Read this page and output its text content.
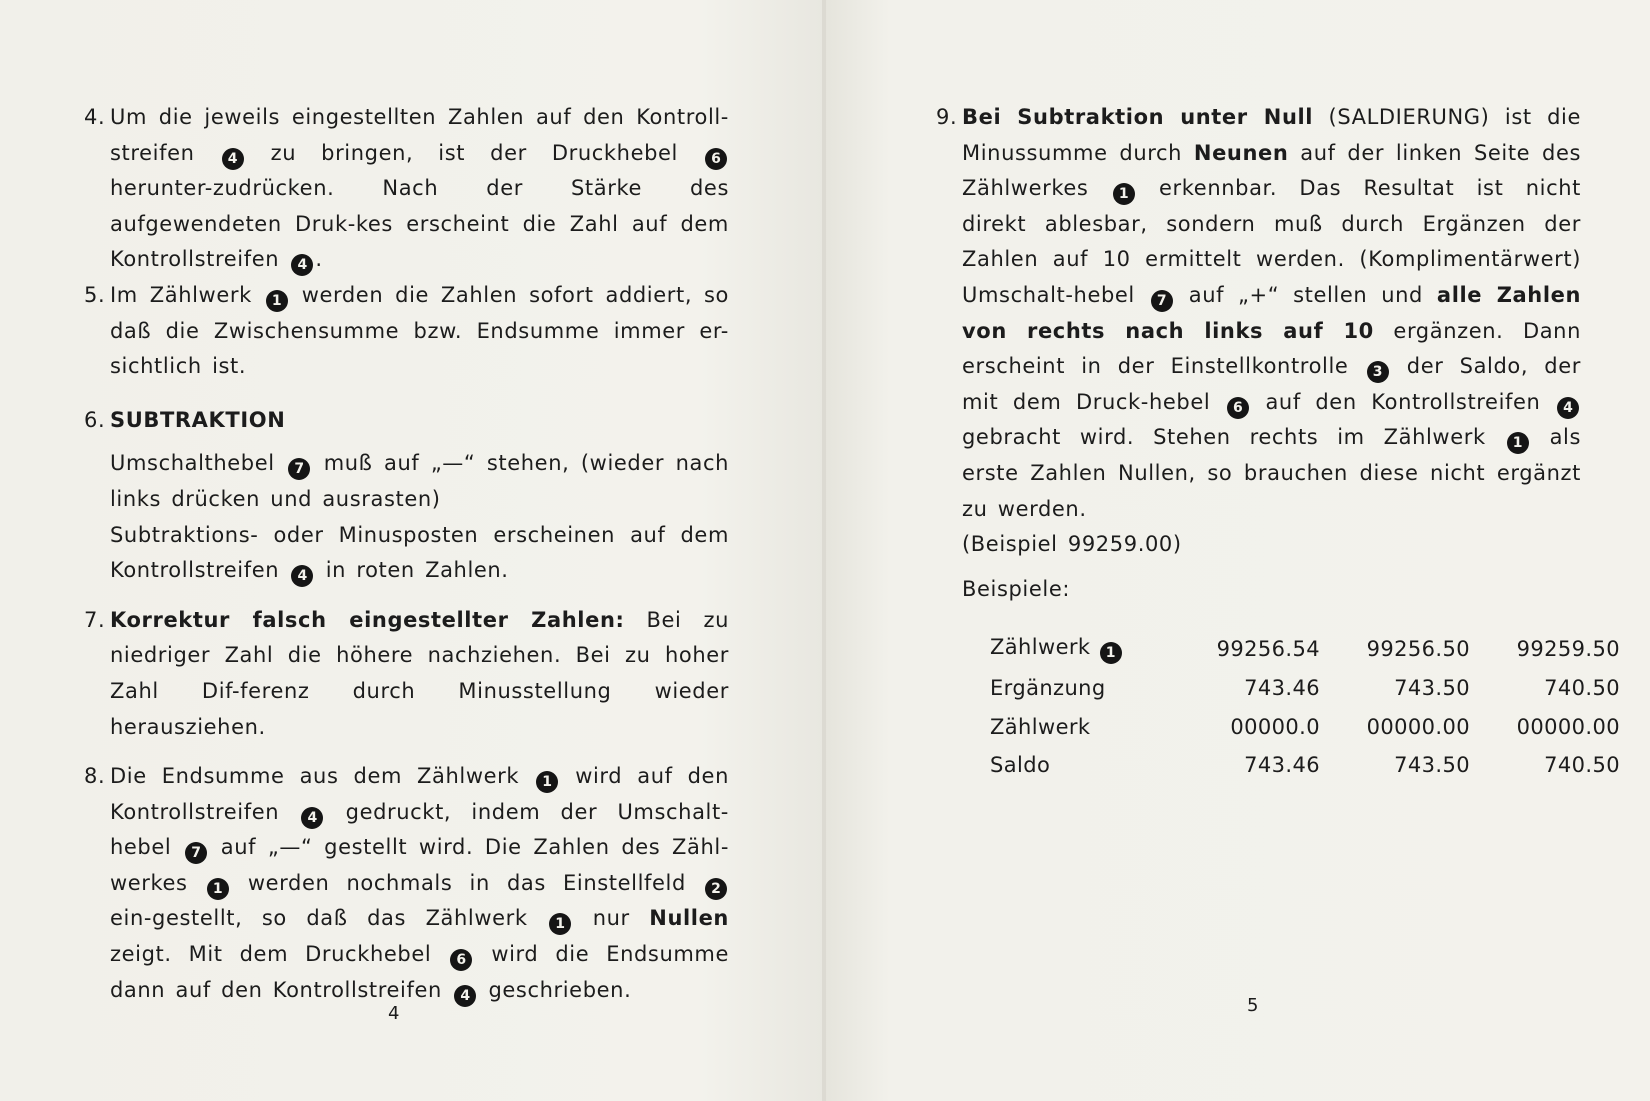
4. Um die jeweils eingestellten Zahlen auf den Kontroll-streifen 4 zu bringen, ist der Druckhebel 6 herunter-zudrücken. Nach der Stärke des aufgewendeten Druk-kes erscheint die Zahl auf dem Kontrollstreifen 4 .
5. Im Zählwerk 1 werden die Zahlen sofort addiert, so daß die Zwischensumme bzw. Endsumme immer er-sichtlich ist.
6. SUBTRAKTION
Umschalthebel 7 muß auf „—“ stehen, (wieder nach links drücken und ausrasten)
Subtraktions- oder Minusposten erscheinen auf dem Kontrollstreifen 4 in roten Zahlen.
7. Korrektur falsch eingestellter Zahlen: Bei zu niedriger Zahl die höhere nachziehen. Bei zu hoher Zahl Dif-ferenz durch Minusstellung wieder herausziehen.
8. Die Endsumme aus dem Zählwerk 1 wird auf den Kontrollstreifen 4 gedruckt, indem der Umschalt-hebel 7 auf „—“ gestellt wird. Die Zahlen des Zähl-werkes 1 werden nochmals in das Einstellfeld 2 ein-gestellt, so daß das Zählwerk 1 nur Nullen zeigt. Mit dem Druckhebel 6 wird die Endsumme dann auf den Kontrollstreifen 4 geschrieben.
4
9. Bei Subtraktion unter Null (SALDIERUNG) ist die Minussumme durch Neunen auf der linken Seite des Zählwerkes 1 erkennbar. Das Resultat ist nicht direkt ablesbar, sondern muß durch Ergänzen der Zahlen auf 10 ermittelt werden. (Komplimentärwert) Umschalt-hebel 7 auf „+“ stellen und alle Zahlen von rechts nach links auf 10 ergänzen. Dann erscheint in der Einstellkontrolle 3 der Saldo, der mit dem Druck-hebel 6 auf den Kontrollstreifen 4 gebracht wird. Stehen rechts im Zählwerk 1 als erste Zahlen Nullen, so brauchen diese nicht ergänzt zu werden.
(Beispiel 99259.00)
Beispiele:
Zählwerk 1	99256.54	99256.50	99259.50
Ergänzung	743.46	743.50	740.50
Zählwerk	00000.0	00000.00	00000.00
Saldo	743.46	743.50	740.50
5
